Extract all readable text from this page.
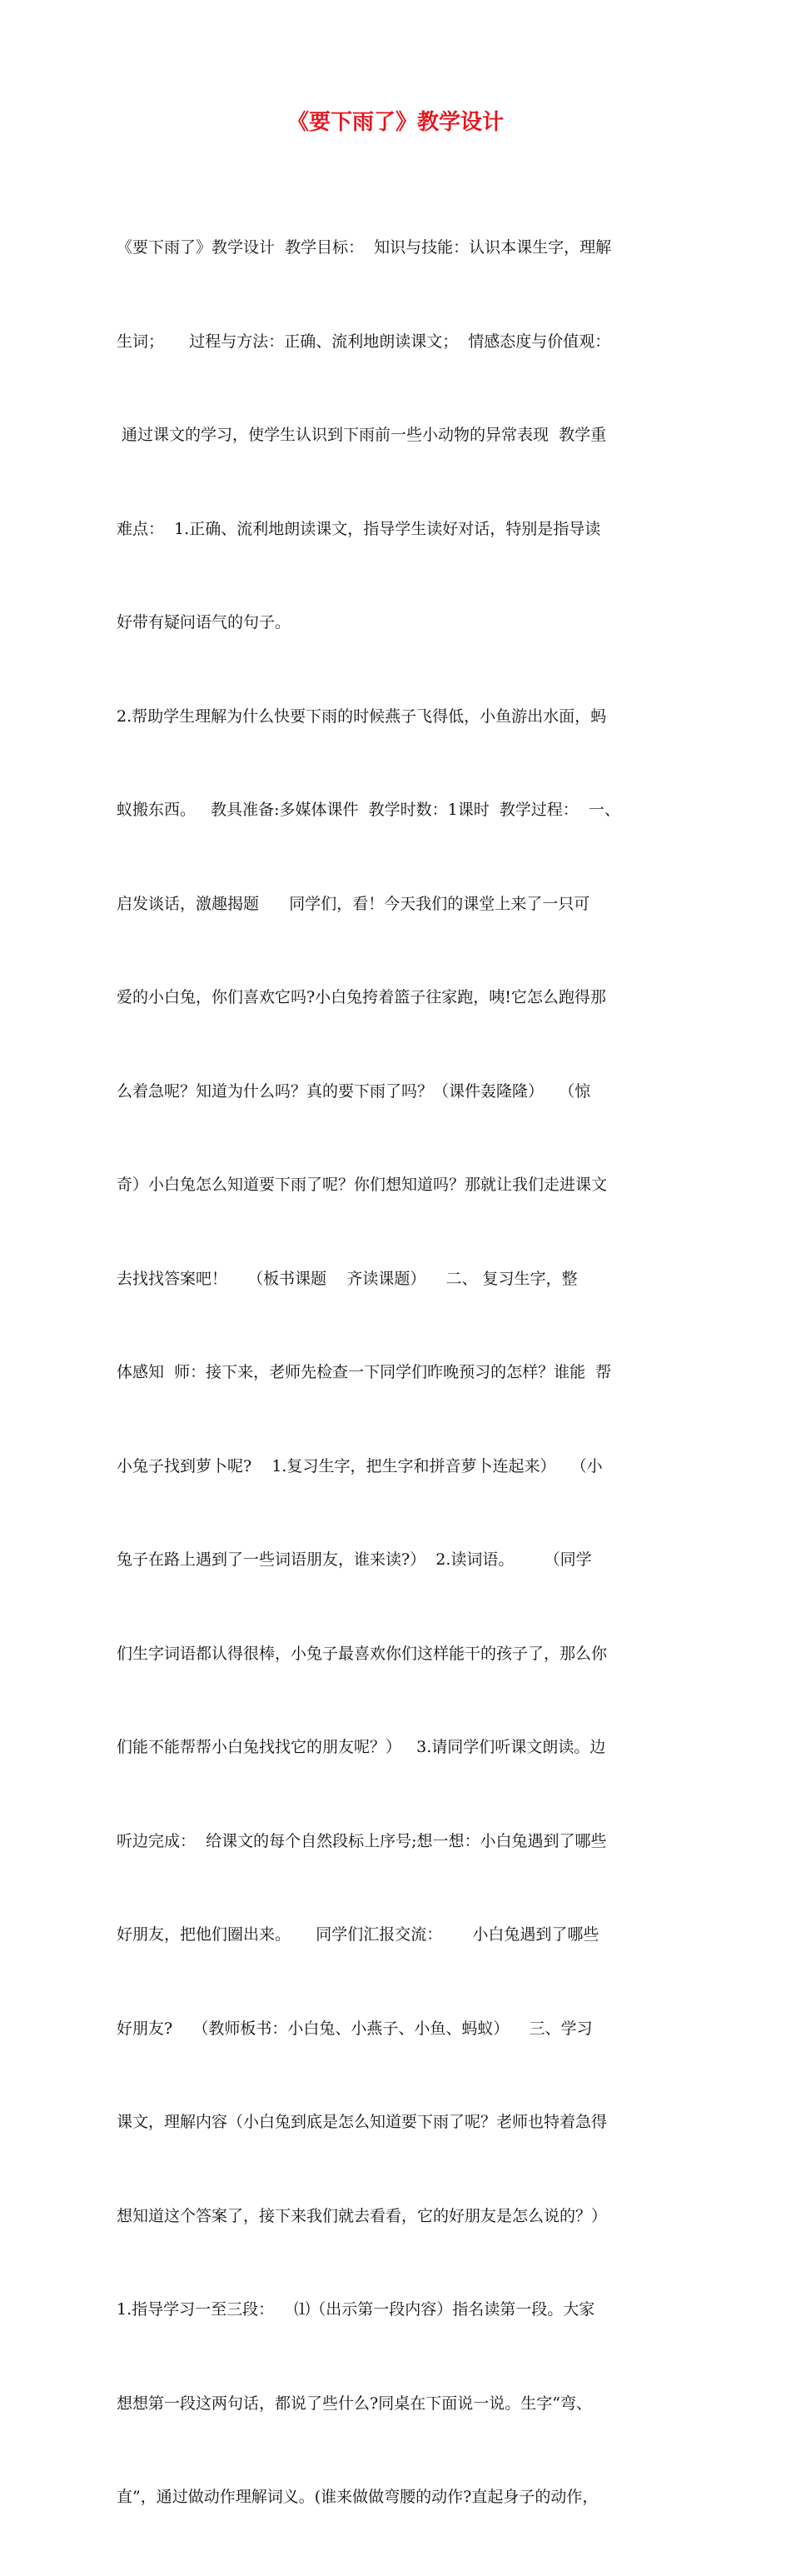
《要下雨了》教学设计

《要下雨了》教学设计  教学目标：  知识与技能：认识本课生字，理解

生词；     过程与方法：正确、流利地朗读课文；  情感态度与价值观：

通过课文的学习，使学生认识到下雨前一些小动物的异常表现  教学重

难点：  1.正确、流利地朗读课文，指导学生读好对话，特别是指导读

好带有疑问语气的句子。

2.帮助学生理解为什么快要下雨的时候燕子飞得低，小鱼游出水面，蚂

蚁搬东西。   教具准备:多媒体课件  教学时数：1课时  教学过程：  一、

启发谈话，激趣揭题      同学们，看！今天我们的课堂上来了一只可

爱的小白兔，你们喜欢它吗?小白兔挎着篮子往家跑，咦!它怎么跑得那

么着急呢？知道为什么吗？真的要下雨了吗？（课件轰隆隆）   （惊

奇）小白兔怎么知道要下雨了呢？你们想知道吗？那就让我们走进课文

去找找答案吧！    （板书课题    齐读课题）    二、 复习生字，整

体感知  师：接下来，老师先检查一下同学们昨晚预习的怎样？谁能  帮

小兔子找到萝卜呢?    1.复习生字，把生字和拼音萝卜连起来）   （小

兔子在路上遇到了一些词语朋友，谁来读?）  2.读词语。      （同学

们生字词语都认得很棒，小兔子最喜欢你们这样能干的孩子了，那么你

们能不能帮帮小白兔找找它的朋友呢？）   3.请同学们听课文朗读。边

听边完成：  给课文的每个自然段标上序号;想一想：小白兔遇到了哪些

好朋友，把他们圈出来。     同学们汇报交流：      小白兔遇到了哪些

好朋友?    （教师板书：小白兔、小燕子、小鱼、蚂蚁）    三、学习

课文，理解内容（小白兔到底是怎么知道要下雨了呢？老师也特着急得

想知道这个答案了，接下来我们就去看看，它的好朋友是怎么说的？）

1.指导学习一至三段：    ⑴（出示第一段内容）指名读第一段。大家

想想第一段这两句话，都说了些什么?同桌在下面说一说。生字“弯、

直”，通过做动作理解词义。(谁来做做弯腰的动作?直起身子的动作，
